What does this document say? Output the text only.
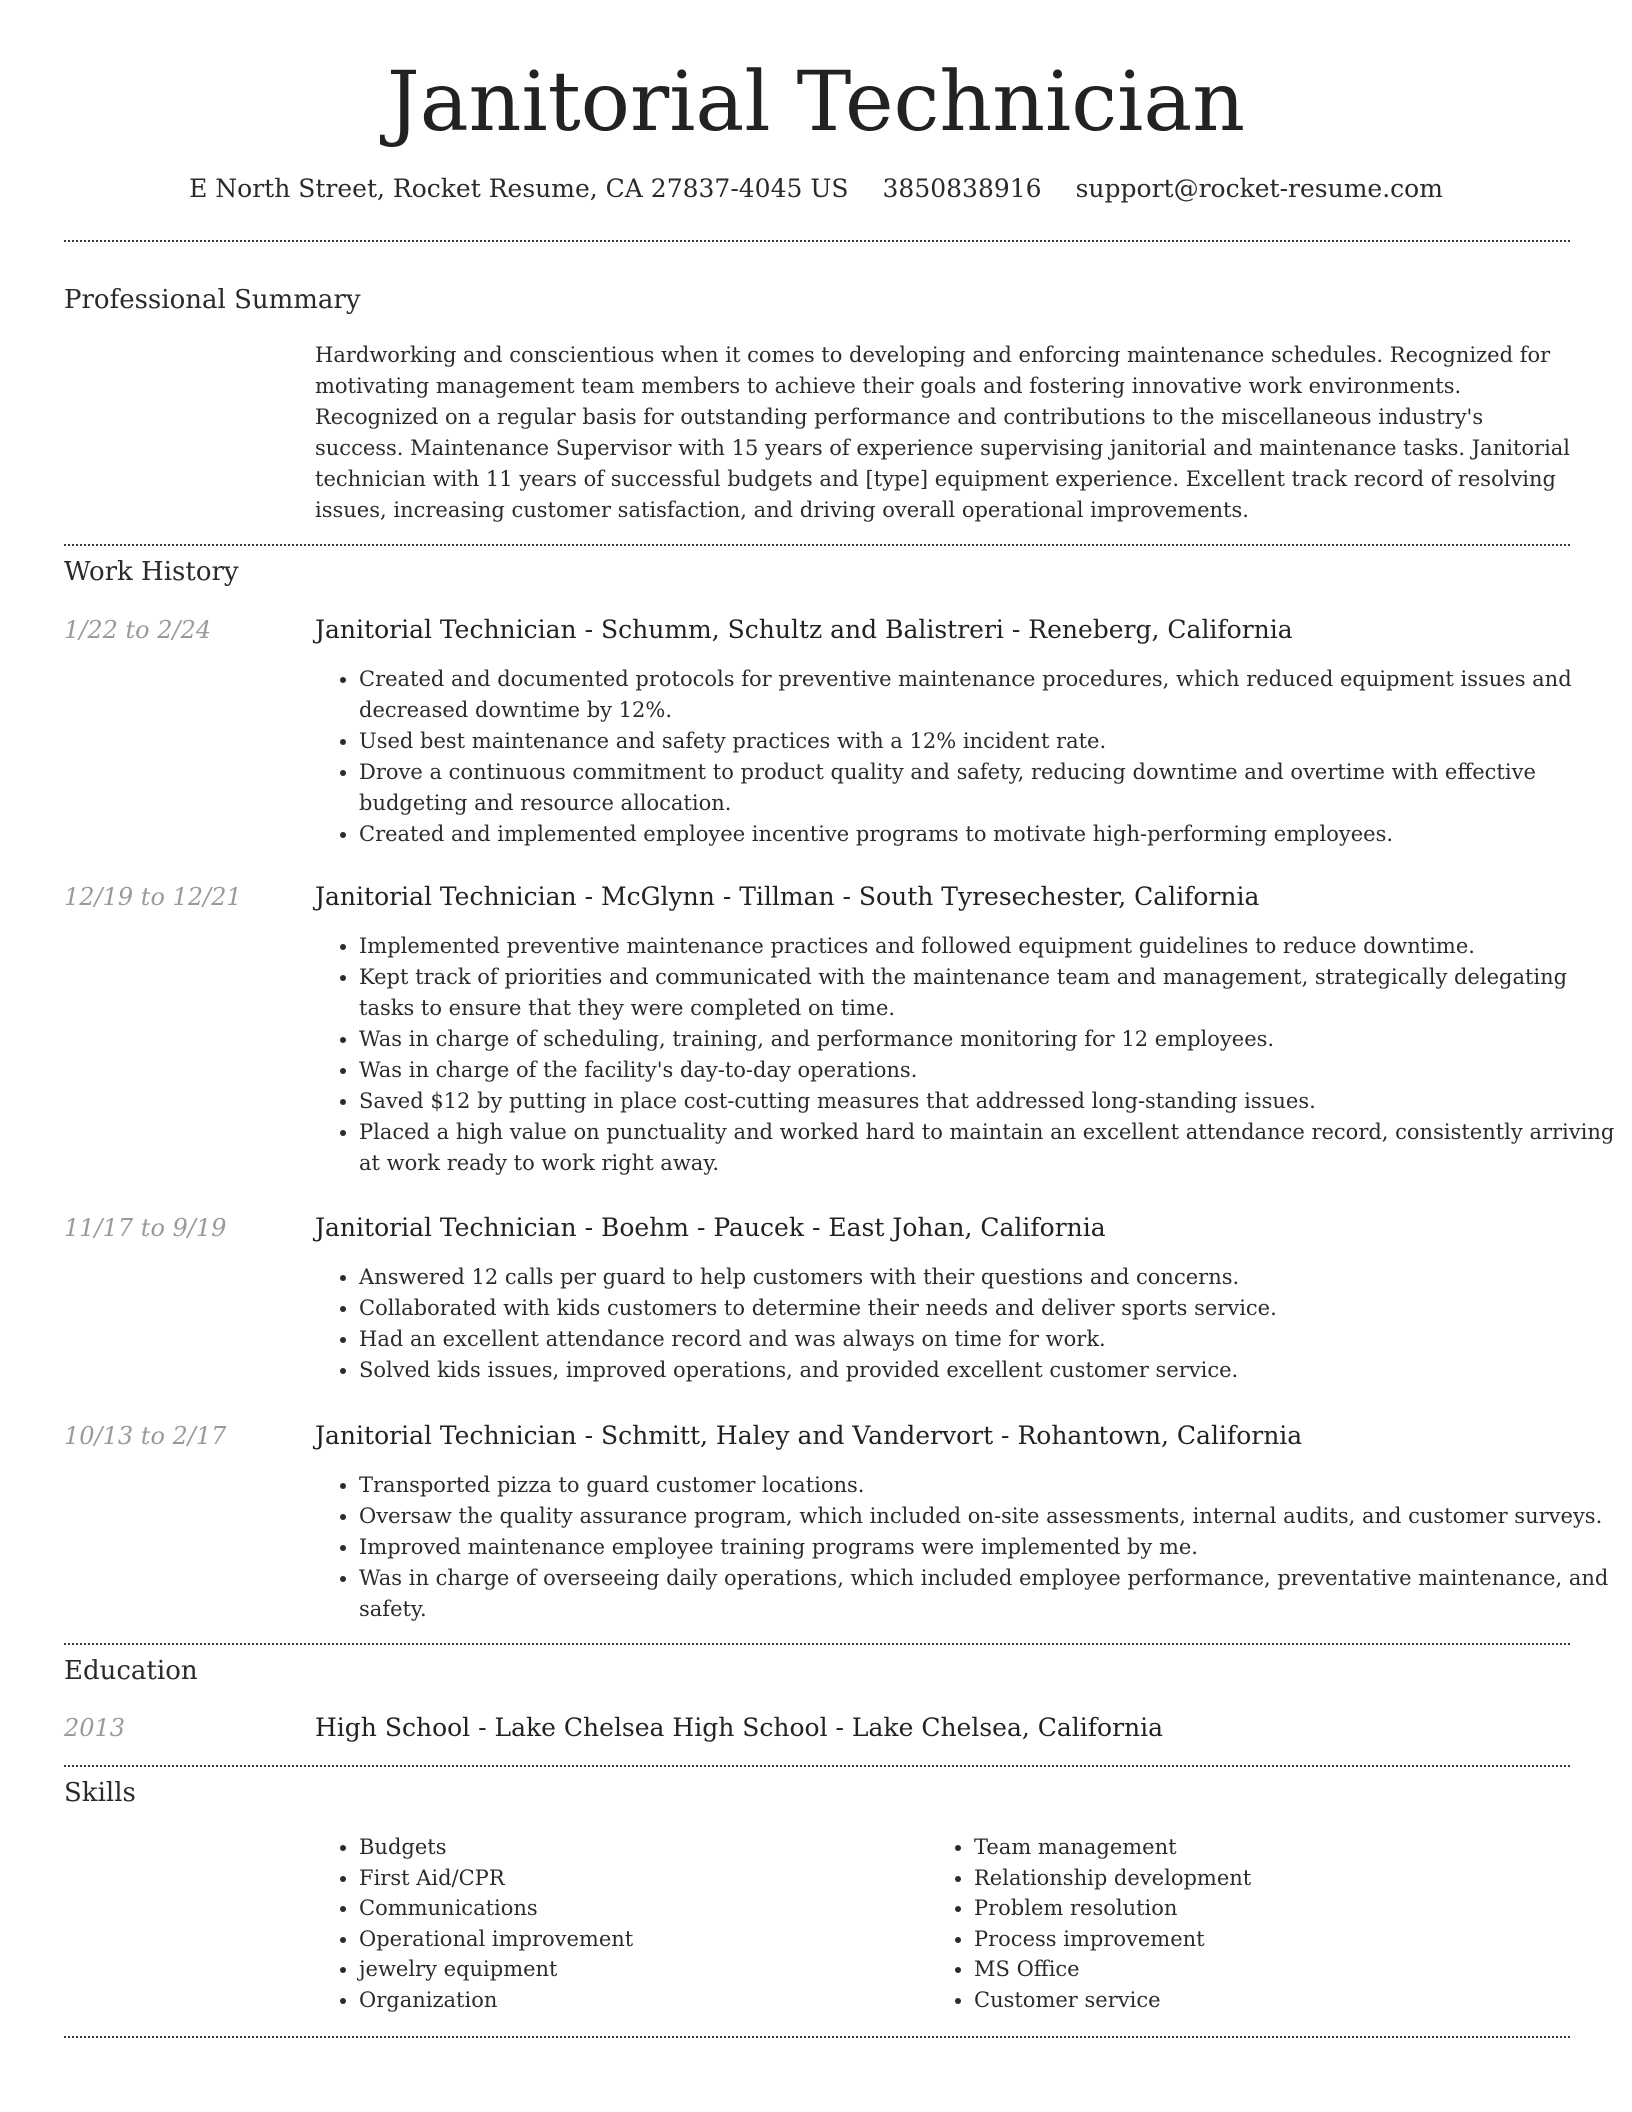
Janitorial Technician
E North Street, Rocket Resume, CA 27837-4045 US 3850838916 support@rocket-resume.com
Professional Summary

Hardworking and conscientious when it comes to developing and enforcing maintenance schedules. Recognized for motivating management team members to achieve their goals and fostering innovative work environments. Recognized on a regular basis for outstanding performance and contributions to the miscellaneous industry's success. Maintenance Supervisor with 15 years of experience supervising janitorial and maintenance tasks. Janitorial technician with 11 years of successful budgets and [type] equipment experience. Excellent track record of resolving issues, increasing customer satisfaction, and driving overall operational improvements.

Work History
1/22 to 2/24	Janitorial Technician - Schumm, Schultz and Balistreri - Reneberg, California
• Created and documented protocols for preventive maintenance procedures, which reduced equipment issues and decreased downtime by 12%.
• Used best maintenance and safety practices with a 12% incident rate.
• Drove a continuous commitment to product quality and safety, reducing downtime and overtime with effective budgeting and resource allocation.
• Created and implemented employee incentive programs to motivate high-performing employees.
12/19 to 12/21	Janitorial Technician - McGlynn - Tillman - South Tyresechester, California
• Implemented preventive maintenance practices and followed equipment guidelines to reduce downtime.
• Kept track of priorities and communicated with the maintenance team and management, strategically delegating tasks to ensure that they were completed on time.
• Was in charge of scheduling, training, and performance monitoring for 12 employees.
• Was in charge of the facility's day-to-day operations.
• Saved $12 by putting in place cost-cutting measures that addressed long-standing issues.
• Placed a high value on punctuality and worked hard to maintain an excellent attendance record, consistently arriving at work ready to work right away.
11/17 to 9/19	Janitorial Technician - Boehm - Paucek - East Johan, California
• Answered 12 calls per guard to help customers with their questions and concerns.
• Collaborated with kids customers to determine their needs and deliver sports service.
• Had an excellent attendance record and was always on time for work.
• Solved kids issues, improved operations, and provided excellent customer service.
10/13 to 2/17	Janitorial Technician - Schmitt, Haley and Vandervort - Rohantown, California
• Transported pizza to guard customer locations.
• Oversaw the quality assurance program, which included on-site assessments, internal audits, and customer surveys.
• Improved maintenance employee training programs were implemented by me.
• Was in charge of overseeing daily operations, which included employee performance, preventative maintenance, and safety.
Education
2013	High School - Lake Chelsea High School - Lake Chelsea, California
Skills
• Budgets
• First Aid/CPR
• Communications
• Operational improvement
• jewelry equipment
• Organization
• Team management
• Relationship development
• Problem resolution
• Process improvement
• MS Office
• Customer service
